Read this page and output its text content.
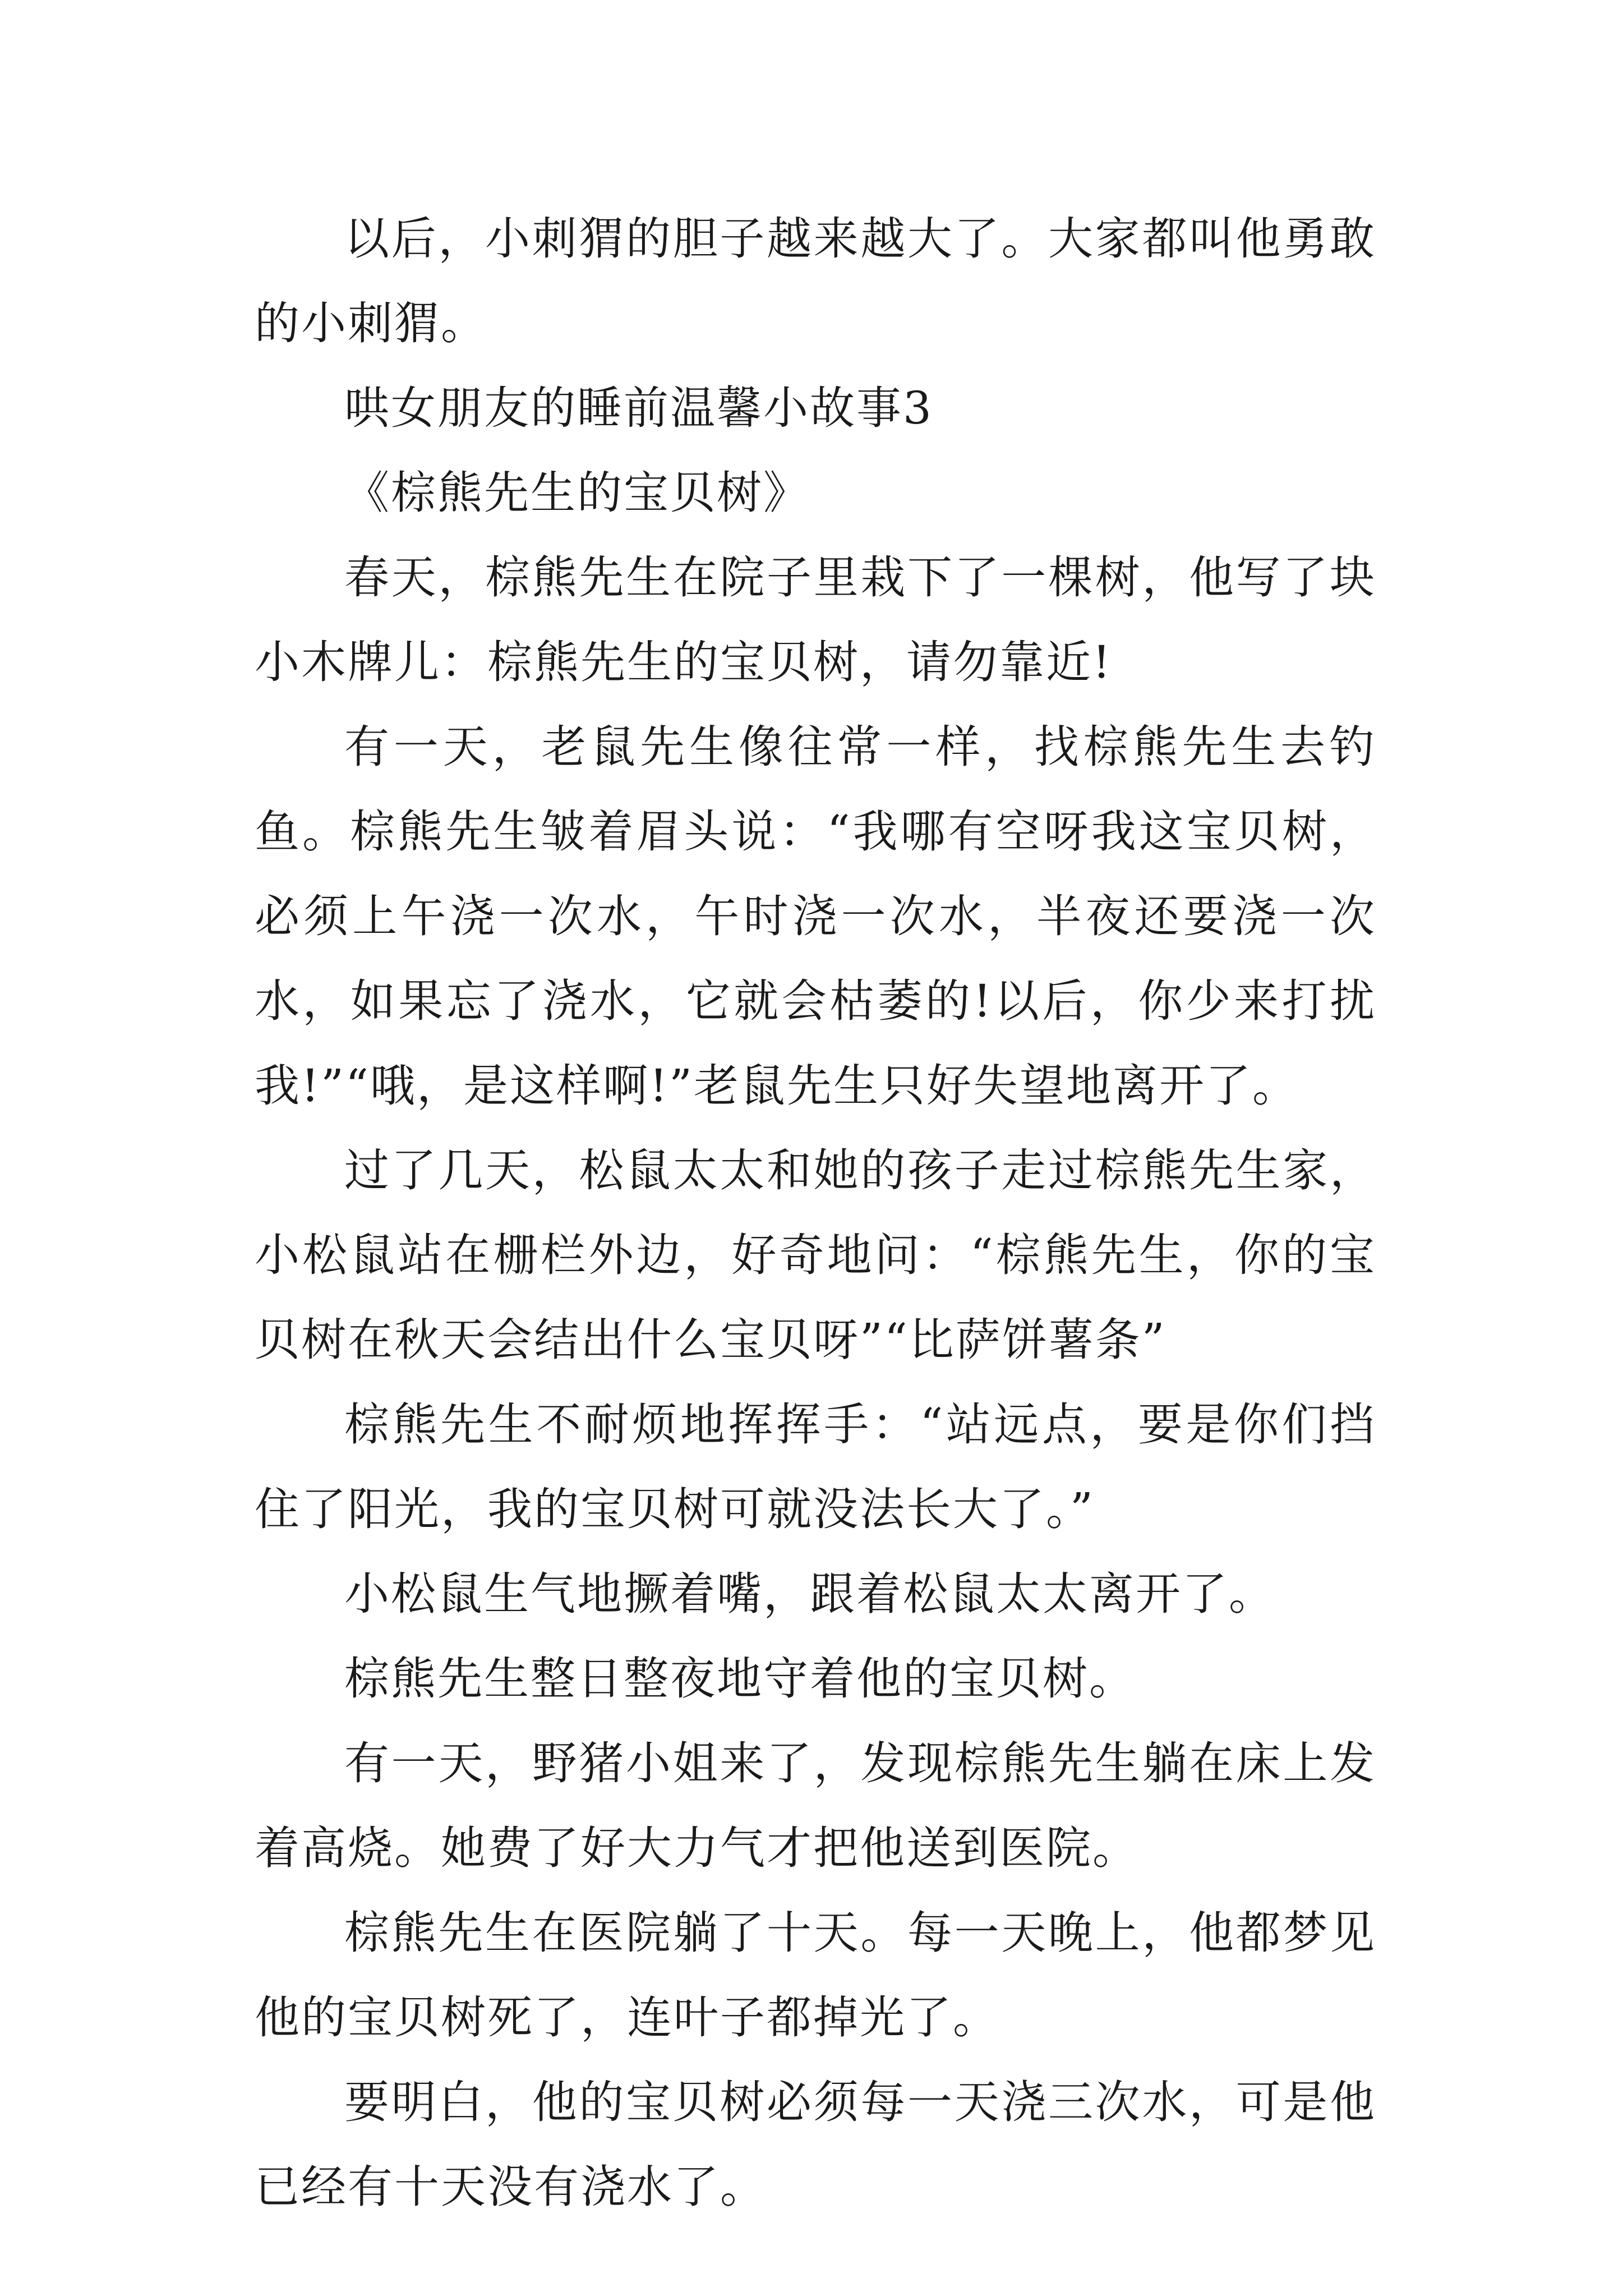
以后，小刺猬的胆子越来越大了。大家都叫他勇敢的小刺猬。

哄女朋友的睡前温馨小故事3

《棕熊先生的宝贝树》

春天，棕熊先生在院子里栽下了一棵树，他写了块小木牌儿：棕熊先生的宝贝树，请勿靠近!

有一天，老鼠先生像往常一样，找棕熊先生去钓鱼。棕熊先生皱着眉头说：“我哪有空呀我这宝贝树，必须上午浇一次水，午时浇一次水，半夜还要浇一次水，如果忘了浇水，它就会枯萎的!以后，你少来打扰我!”“哦，是这样啊!”老鼠先生只好失望地离开了。

过了几天，松鼠太太和她的孩子走过棕熊先生家，小松鼠站在栅栏外边，好奇地问：“棕熊先生，你的宝贝树在秋天会结出什么宝贝呀”“比萨饼薯条”

棕熊先生不耐烦地挥挥手：“站远点，要是你们挡住了阳光，我的宝贝树可就没法长大了。”

小松鼠生气地撅着嘴，跟着松鼠太太离开了。

棕熊先生整日整夜地守着他的宝贝树。

有一天，野猪小姐来了，发现棕熊先生躺在床上发着高烧。她费了好大力气才把他送到医院。

棕熊先生在医院躺了十天。每一天晚上，他都梦见他的宝贝树死了，连叶子都掉光了。

要明白，他的宝贝树必须每一天浇三次水，可是他已经有十天没有浇水了。
